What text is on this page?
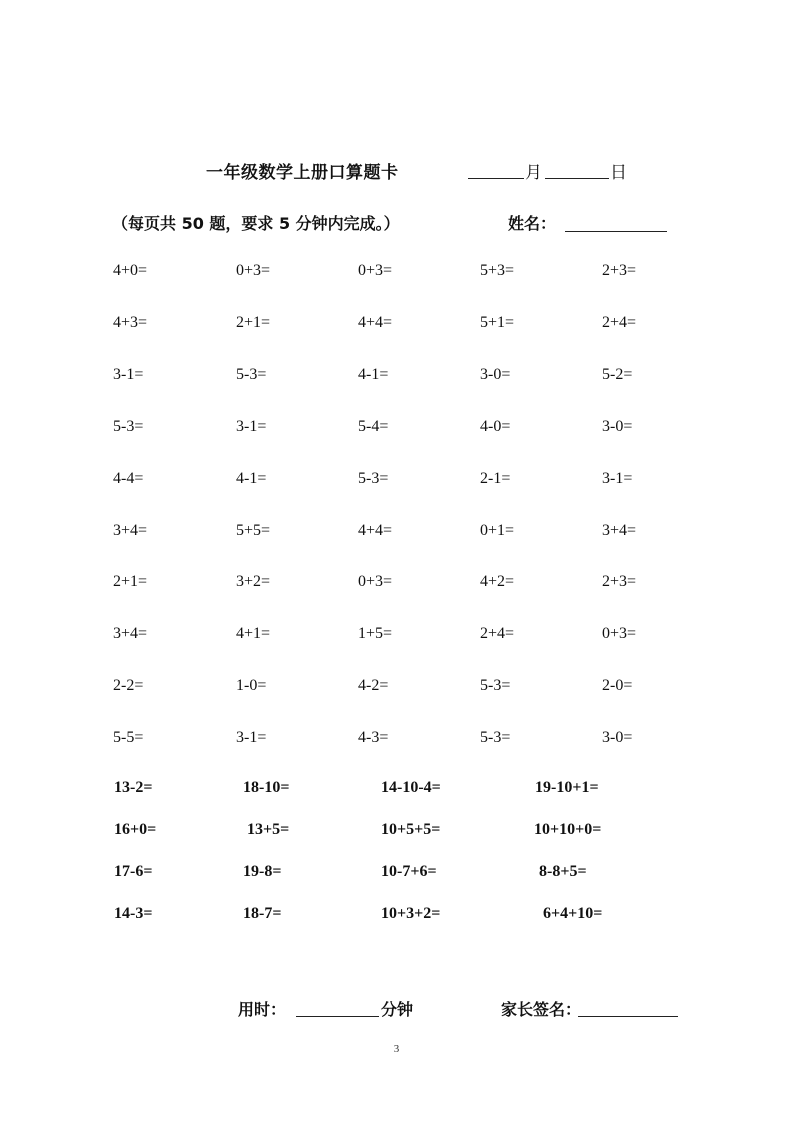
一年级数学上册口算题卡	月	日
（每页共 50 题，要求 5 分钟内完成。）	姓名：
4+0=	0+3=	0+3=	5+3=	2+3=
4+3=	2+1=	4+4=	5+1=	2+4=
3-1=	5-3=	4-1=	3-0=	5-2=
5-3=	3-1=	5-4=	4-0=	3-0=
4-4=	4-1=	5-3=	2-1=	3-1=
3+4=	5+5=	4+4=	0+1=	3+4=
2+1=	3+2=	0+3=	4+2=	2+3=
3+4=	4+1=	1+5=	2+4=	0+3=
2-2=	1-0=	4-2=	5-3=	2-0=
5-5=	3-1=	4-3=	5-3=	3-0=
13-2=	18-10=	14-10-4=	19-10+1=
16+0=	13+5=	10+5+5=	10+10+0=
17-6=	19-8=	10-7+6=	8-8+5=
14-3=	18-7=	10+3+2=	6+4+10=
用时：	分钟	家长签名：
3
